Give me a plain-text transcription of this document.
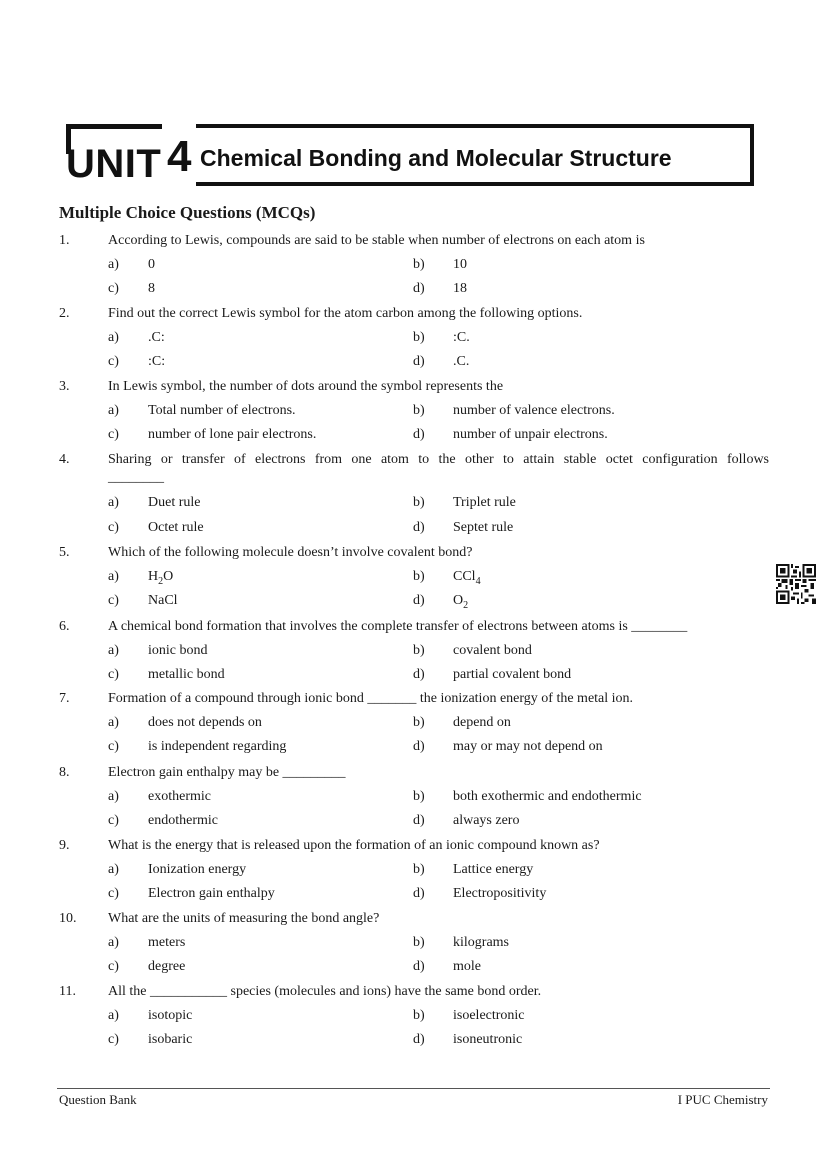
UNIT 4 Chemical Bonding and Molecular Structure
Multiple Choice Questions (MCQs)
1.	According to Lewis, compounds are said to be stable when number of electrons on each atom is
a) 0	b) 10
c) 8	d) 18
2.	Find out the correct Lewis symbol for the atom carbon among the following options.
a) .C:	b) :C.
c) :C:	d) .C.
3.	In Lewis symbol, the number of dots around the symbol represents the
a) Total number of electrons.	b) number of valence electrons.
c) number of lone pair electrons.	d) number of unpair electrons.
4.	Sharing or transfer of electrons from one atom to the other to attain stable octet configuration follows ________
a) Duet rule	b) Triplet rule
c) Octet rule	d) Septet rule
5.	Which of the following molecule doesn’t involve covalent bond?
a) $H_2O$	b) CCl$_4$
c) NaCl	d) $O_2$
6.	A chemical bond formation that involves the complete transfer of electrons between atoms is ________
a) ionic bond	b) covalent bond
c) metallic bond	d) partial covalent bond
7.	Formation of a compound through ionic bond _______ the ionization energy of the metal ion.
a) does not depends on	b) depend on
c) is independent regarding	d) may or may not depend on
8.	Electron gain enthalpy may be _________
a) exothermic	b) both exothermic and endothermic
c) endothermic	d) always zero
9.	What is the energy that is released upon the formation of an ionic compound known as?
a) Ionization energy	b) Lattice energy
c) Electron gain enthalpy	d) Electropositivity
10. What are the units of measuring the bond angle?
a) meters	b) kilograms
c) degree	d) mole
11. All the ___________ species (molecules and ions) have the same bond order.
a) isotopic	b) isoelectronic
c) isobaric	d) isoneutronic
Question Bank	I PUC Chemistry
